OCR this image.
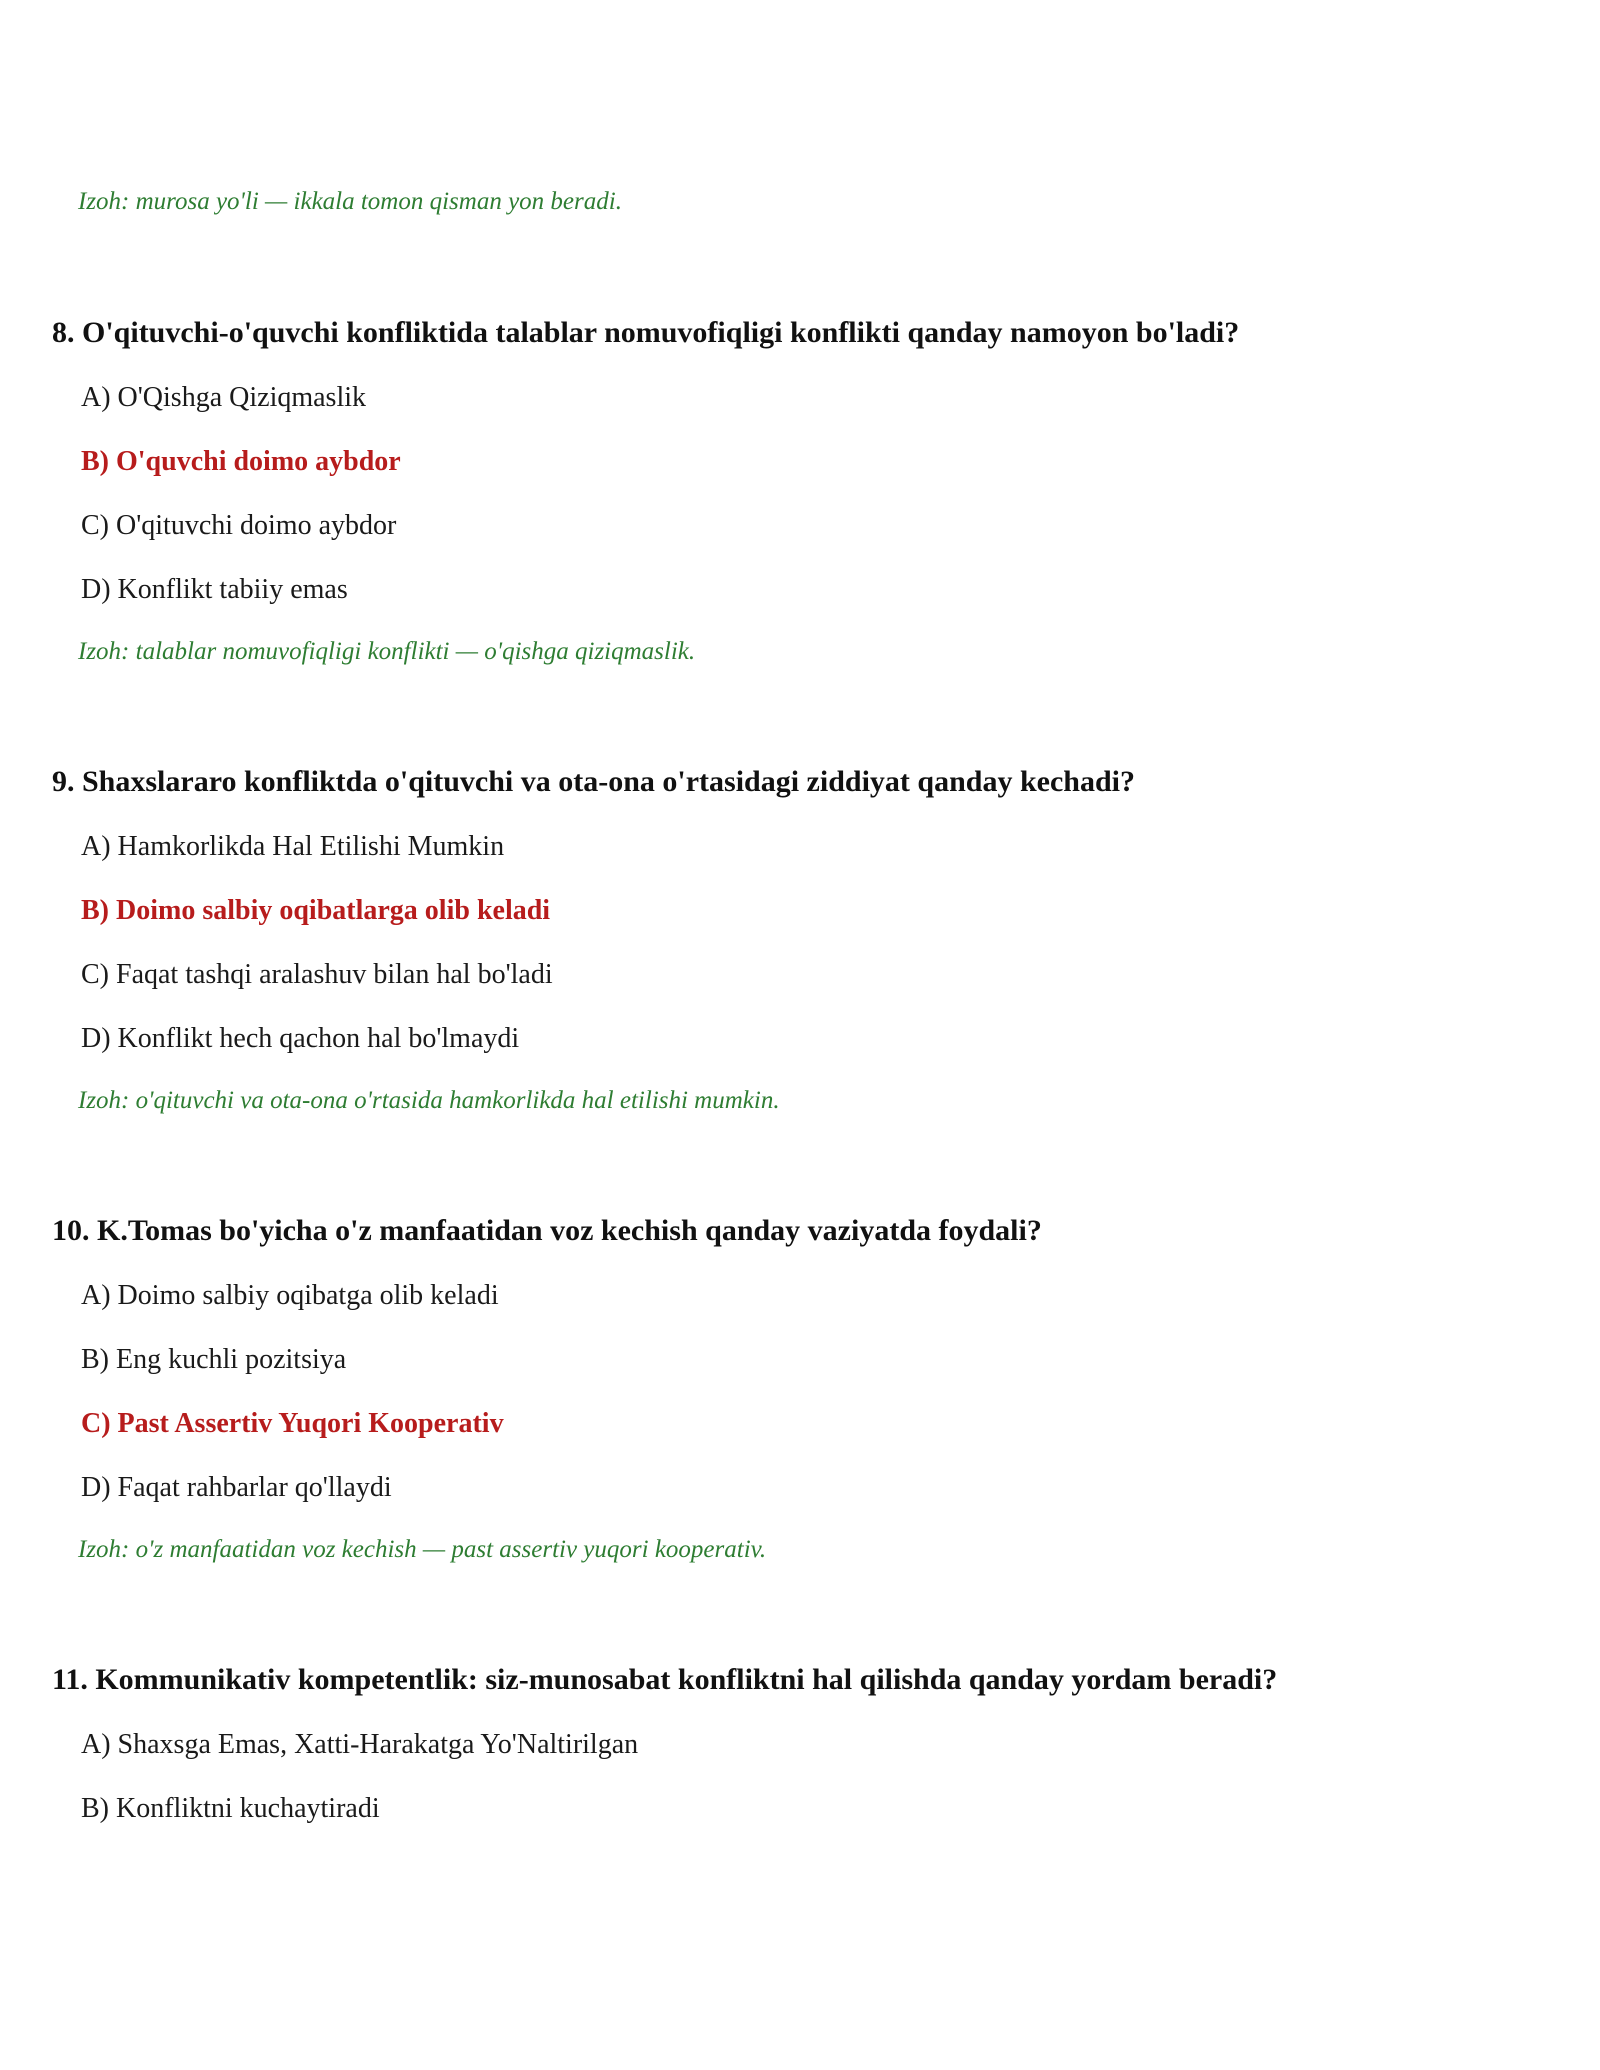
Izoh: murosa yo'li — ikkala tomon qisman yon beradi.
8. O'qituvchi-o'quvchi konfliktida talablar nomuvofiqligi konflikti qanday namoyon bo'ladi?
A) O'Qishga Qiziqmaslik
B) O'quvchi doimo aybdor
C) O'qituvchi doimo aybdor
D) Konflikt tabiiy emas
Izoh: talablar nomuvofiqligi konflikti — o'qishga qiziqmaslik.
9. Shaxslararo konfliktda o'qituvchi va ota-ona o'rtasidagi ziddiyat qanday kechadi?
A) Hamkorlikda Hal Etilishi Mumkin
B) Doimo salbiy oqibatlarga olib keladi
C) Faqat tashqi aralashuv bilan hal bo'ladi
D) Konflikt hech qachon hal bo'lmaydi
Izoh: o'qituvchi va ota-ona o'rtasida hamkorlikda hal etilishi mumkin.
10. K.Tomas bo'yicha o'z manfaatidan voz kechish qanday vaziyatda foydali?
A) Doimo salbiy oqibatga olib keladi
B) Eng kuchli pozitsiya
C) Past Assertiv Yuqori Kooperativ
D) Faqat rahbarlar qo'llaydi
Izoh: o'z manfaatidan voz kechish — past assertiv yuqori kooperativ.
11. Kommunikativ kompetentlik: siz-munosabat konfliktni hal qilishda qanday yordam beradi?
A) Shaxsga Emas, Xatti-Harakatga Yo'Naltirilgan
B) Konfliktni kuchaytiradi
